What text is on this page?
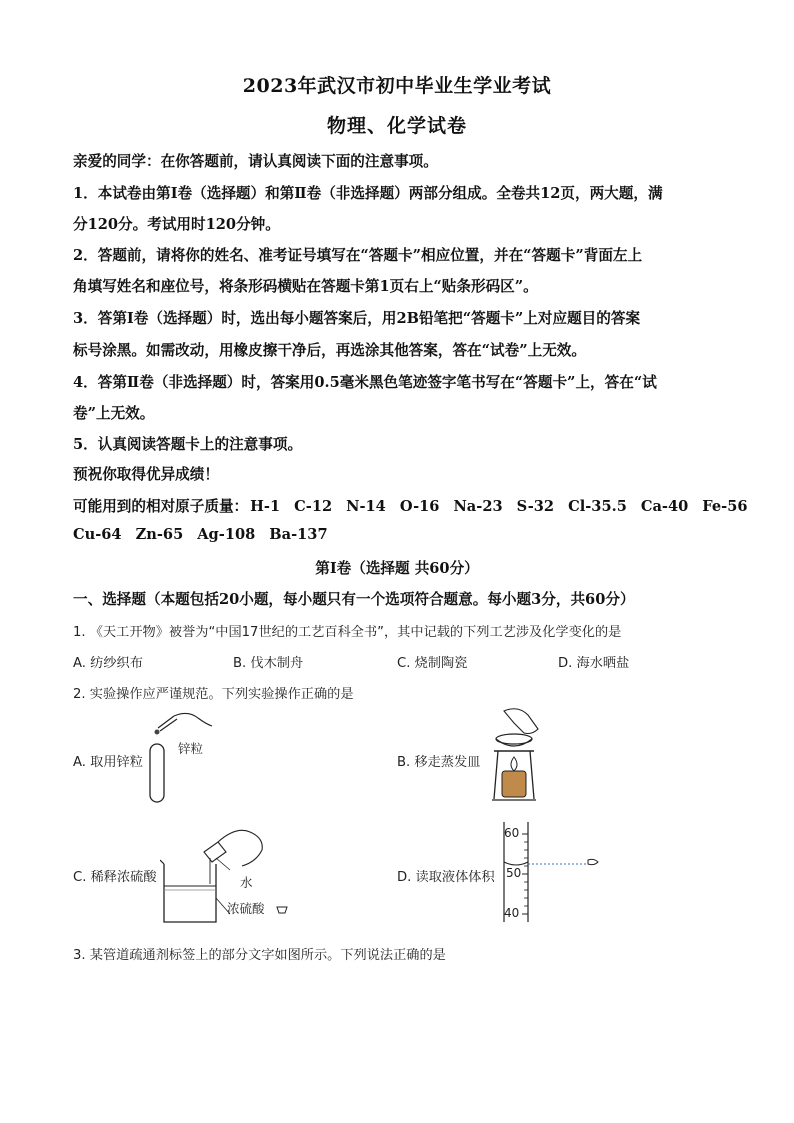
2023年武汉市初中毕业生学业考试
物理、化学试卷
亲爱的同学：在你答题前，请认真阅读下面的注意事项。
1．本试卷由第Ⅰ卷（选择题）和第Ⅱ卷（非选择题）两部分组成。全卷共12页，两大题，满
分120分。考试用时120分钟。
2．答题前，请将你的姓名、准考证号填写在“答题卡”相应位置，并在“答题卡”背面左上
角填写姓名和座位号，将条形码横贴在答题卡第1页右上“贴条形码区”。
3．答第Ⅰ卷（选择题）时，选出每小题答案后，用2B铅笔把“答题卡”上对应题目的答案
标号涂黑。如需改动，用橡皮擦干净后，再选涂其他答案，答在“试卷”上无效。
4．答第Ⅱ卷（非选择题）时，答案用0.5毫米黑色笔迹签字笔书写在“答题卡”上，答在“试
卷”上无效。
5．认真阅读答题卡上的注意事项。
预祝你取得优异成绩！
可能用到的相对原子质量： H-1 C-12 N-14 O-16 Na-23 S-32 Cl-35.5 Ca-40 Fe-56
Cu-64 Zn-65 Ag-108 Ba-137
第Ⅰ卷（选择题 共60分）
一、选择题（本题包括20小题，每小题只有一个选项符合题意。每小题3分，共60分）
1. 《天工开物》被誉为“中国17世纪的工艺百科全书”，其中记载的下列工艺涉及化学变化的是
A. 纺纱织布	B. 伐木制舟	C. 烧制陶瓷	D. 海水晒盐
2. 实验操作应严谨规范。下列实验操作正确的是
A. 取用锌粒
锌粒
B. 移走蒸发皿
C. 稀释浓硫酸	水
浓硫酸
D. 读取液体体积
60
50
40
3. 某管道疏通剂标签上的部分文字如图所示。下列说法正确的是
